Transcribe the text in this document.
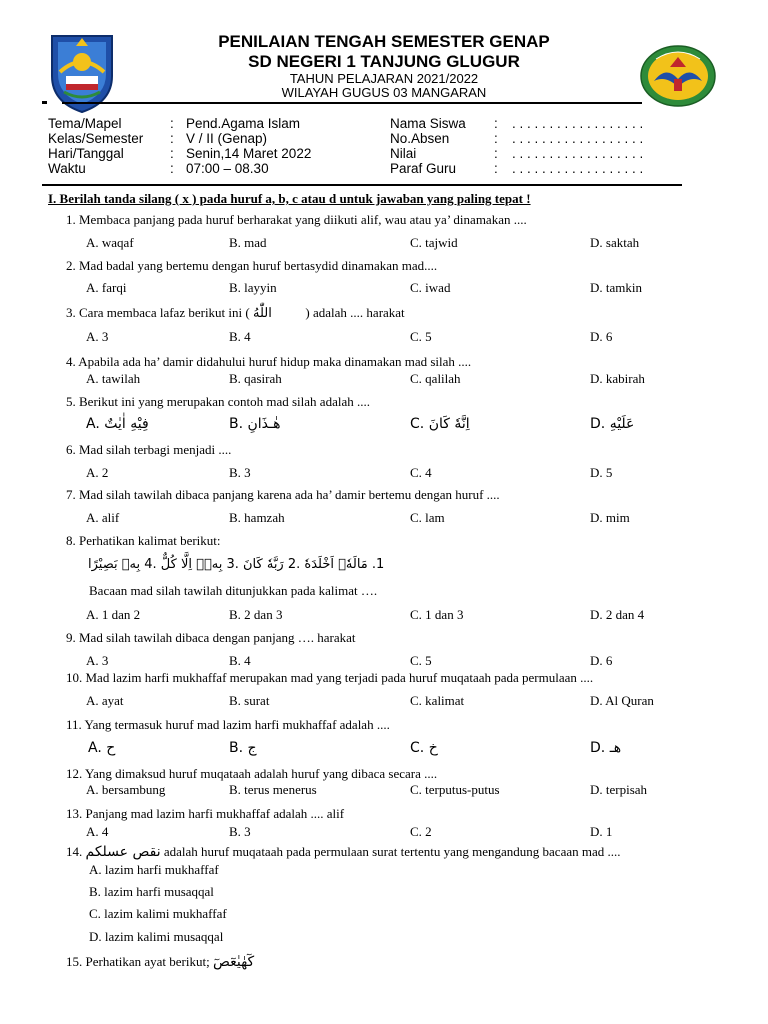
PENILAIAN TENGAH SEMESTER GENAP
SD NEGERI 1 TANJUNG GLUGUR
TAHUN PELAJARAN 2021/2022
WILAYAH GUGUS 03 MANGARAN
Tema/Mapel	: Pend.Agama Islam
Kelas/Semester : V / II (Genap)
Hari/Tanggal	: Senin,14 Maret 2022
Waktu	: 07:00 – 08.30
Nama Siswa : . . . . . . . . . . . . . . . . . .
No.Absen	: . . . . . . . . . . . . . . . . . .
Nilai	: . . . . . . . . . . . . . . . . . .
Paraf Guru	: . . . . . . . . . . . . . . . . . .
I. Berilah tanda silang ( x ) pada huruf a, b, c atau d untuk jawaban yang paling tepat !
1. Membaca panjang pada huruf berharakat yang diikuti alif, wau atau ya’ dinamakan ....
A. waqaf	B. mad	C. tajwid	D. saktah
2. Mad badal yang bertemu dengan huruf bertasydid dinamakan mad....
A. farqi	B. layyin	C. iwad	D. tamkin
3. Cara membaca lafaz berikut ini ( ءٰۤاللّٰهُ ) adalah .... harakat
A. 3	B. 4	C. 5	D. 6
4. Apabila ada ha’ damir didahului huruf hidup maka dinamakan mad silah ....
A. tawilah	B. qasirah	C. qalilah	D. kabirah
5. Berikut ini yang merupakan contoh mad silah adalah ....
A. فِيْهِ اٰيٰتٌ	B. هٰـذَانِ	C. اِنَّهٗ كَانَ	D. عَلَيْهِ
6. Mad silah terbagi menjadi ....
A. 2	B. 3	C. 4	D. 5
7. Mad silah tawilah dibaca panjang karena ada ha’ damir bertemu dengan huruf ....
A. alif	B. hamzah	C. lam	D. mim
8. Perhatikan kalimat berikut:
1. مَالَهٗۤ اَخْلَدَهٗ .2 رَبَّهٗ كَانَ .3 بِهٖۤ اِلَّا كُلٌّ .4 بِهٖ بَصِيْرًا
Bacaan mad silah tawilah ditunjukkan pada kalimat ….
A. 1 dan 2	B. 2 dan 3	C. 1 dan 3	D. 2 dan 4
9. Mad silah tawilah dibaca dengan panjang …. harakat
A. 3	B. 4	C. 5	D. 6
10. Mad lazim harfi mukhaffaf merupakan mad yang terjadi pada huruf muqataah pada permulaan ....
A. ayat	B. surat	C. kalimat	D. Al Quran
11. Yang termasuk huruf mad lazim harfi mukhaffaf adalah ....
A. ح	B. ج	C. خ	D. هـ
12. Yang dimaksud huruf muqataah adalah huruf yang dibaca secara ....
A. bersambung	B. terus menerus	C. terputus-putus	D. terpisah
13. Panjang mad lazim harfi mukhaffaf adalah .... alif
A. 4	B. 3	C. 2	D. 1
14. نقص عسلكم adalah huruf muqataah pada permulaan surat tertentu yang mengandung bacaan mad ....
A. lazim harfi mukhaffaf
B. lazim harfi musaqqal
C. lazim kalimi mukhaffaf
D. lazim kalimi musaqqal
15. Perhatikan ayat berikut; كٓهٰيٰعٓصٓ
